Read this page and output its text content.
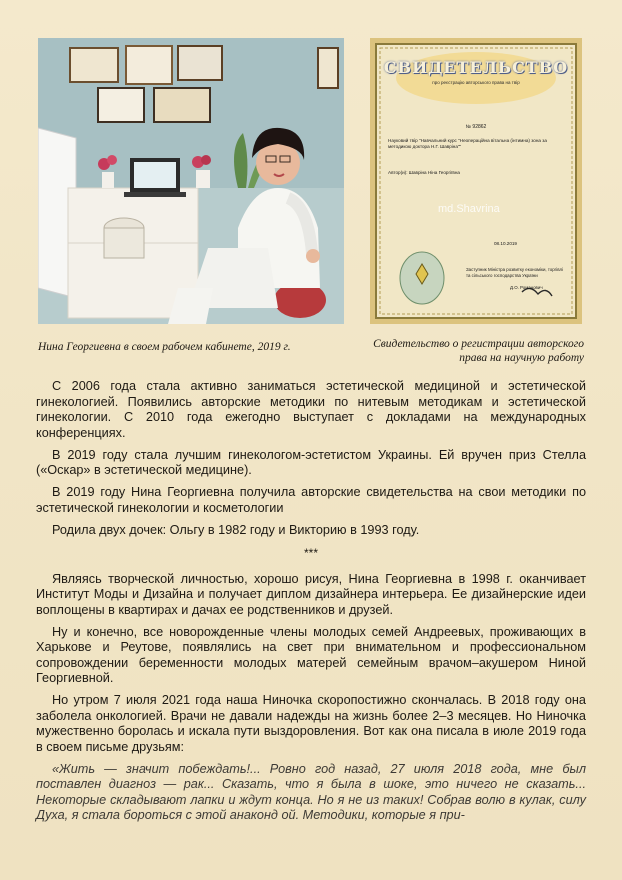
СВИДЕТЕЛЬСТВО
про реєстрацію авторського права на твір
№ 92862
Науковий твір "Навчальний курс "Неопераційна вітальна (інтимна) зона за методикою доктора Н.Г. Шаврiна""
Автор(и): Шаврiна Нiна Георгiївна
md.Shavrina
08.10.2019
Заступник Міністра розвитку економіки, торгівлі та сільського господарства України
Д.О. Романович
Нина Георгиевна в своем рабочем кабинете, 2019 г.	Свидетельство о регистрации авторского права на научную работу

С 2006 года стала активно заниматься эстетической медициной и эстетической гинекологией. Появились авторские методики по нитевым методикам и эстетической гинекологии. С 2010 года ежегодно выступает с докладами на международных конференциях.

В 2019 году стала лучшим гинекологом-эстетистом Украины. Ей вручен приз Стелла («Оскар» в эстетической медицине).

В 2019 году Нина Георгиевна получила авторские свидетельства на свои методики по эстетической гинекологии и косметологии

Родила двух дочек: Ольгу в 1982 году и Викторию в 1993 году.

***

Являясь творческой личностью, хорошо рисуя, Нина Георгиевна в 1998 г. оканчивает Институт Моды и Дизайна и получает диплом дизайнера интерьера. Ее дизайнерские идеи воплощены в квартирах и дачах ее родственников и друзей.

Ну и конечно, все новорожденные члены молодых семей Андреевых, проживающих в Харькове и Реутове, появлялись на свет при внимательном и профессиональном сопровождении беременности молодых матерей семейным врачом–акушером Ниной Георгиевной.

Но утром 7 июля 2021 года наша Ниночка скоропостижно скончалась. В 2018 году она заболела онкологией. Врачи не давали надежды на жизнь более 2–3 месяцев. Но Ниночка мужественно боролась и искала пути выздоровления. Вот как она писала в июле 2019 года в своем письме друзьям:

«Жить — значит побеждать!... Ровно год назад, 27 июля 2018 года, мне был поставлен диагноз — рак... Сказать, что я была в шоке, это ничего не сказать... Некоторые складывают лапки и ждут конца. Но я не из таких! Собрав волю в кулак, силу Духа, я стала бороться с этой анаконд ой. Методики, которые я при-
